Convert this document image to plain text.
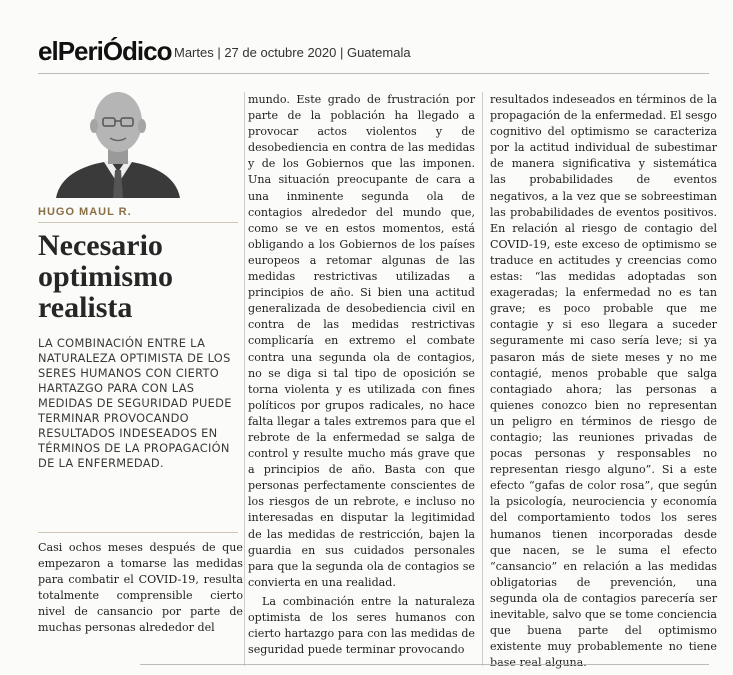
el PeriÓdico Martes | 27 de octubre 2020 | Guatemala
HUGO MAUL R.
Necesario
optimismo
realista
LA COMBINACIÓN ENTRE LA NATURALEZA OPTIMISTA DE LOS SERES HUMANOS CON CIERTO HARTAZGO PARA CON LAS MEDIDAS DE SEGURIDAD PUEDE TERMINAR PROVOCANDO RESULTADOS INDESEADOS EN TÉRMINOS DE LA PROPAGACIÓN DE LA ENFERMEDAD.

Casi ochos meses después de que empezaron a tomarse las medidas para combatir el COVID-19, resulta totalmente comprensible cierto nivel de cansancio por parte de muchas personas alrededor del

mundo. Este grado de frustración por parte de la población ha llegado a provocar actos violentos y de desobediencia en contra de las medidas y de los Gobiernos que las imponen. Una situación preocupante de cara a una inminente segunda ola de contagios alrededor del mundo que, como se ve en estos momentos, está obligando a los Gobiernos de los países europeos a retomar algunas de las medidas restrictivas utilizadas a principios de año. Si bien una actitud generalizada de desobediencia civil en contra de las medidas restrictivas complicaría en extremo el combate contra una segunda ola de contagios, no se diga si tal tipo de oposición se torna violenta y es utilizada con fines políticos por grupos radicales, no hace falta llegar a tales extremos para que el rebrote de la enfermedad se salga de control y resulte mucho más grave que a principios de año. Basta con que personas perfectamente conscientes de los riesgos de un rebrote, e incluso no interesadas en disputar la legitimidad de las medidas de restricción, bajen la guardia en sus cuidados personales para que la segunda ola de contagios se convierta en una realidad.

La combinación entre la naturaleza optimista de los seres humanos con cierto hartazgo para con las medidas de seguridad puede terminar provocando

resultados indeseados en términos de la propagación de la enfermedad. El sesgo cognitivo del optimismo se caracteriza por la actitud individual de subestimar de manera significativa y sistemática las probabilidades de eventos negativos, a la vez que se sobreestiman las probabilidades de eventos positivos. En relación al riesgo de contagio del COVID-19, este exceso de optimismo se traduce en actitudes y creencias como estas: “las medidas adoptadas son exageradas; la enfermedad no es tan grave; es poco probable que me contagie y si eso llegara a suceder seguramente mi caso sería leve; si ya pasaron más de siete meses y no me contagié, menos probable que salga contagiado ahora; las personas a quienes conozco bien no representan un peligro en términos de riesgo de contagio; las reuniones privadas de pocas personas y responsables no representan riesgo alguno”. Si a este efecto “gafas de color rosa”, que según la psicología, neurociencia y economía del comportamiento todos los seres humanos tienen incorporadas desde que nacen, se le suma el efecto “cansancio” en relación a las medidas obligatorias de prevención, una segunda ola de contagios parecería ser inevitable, salvo que se tome conciencia que buena parte del optimismo existente muy probablemente no tiene base real alguna.
